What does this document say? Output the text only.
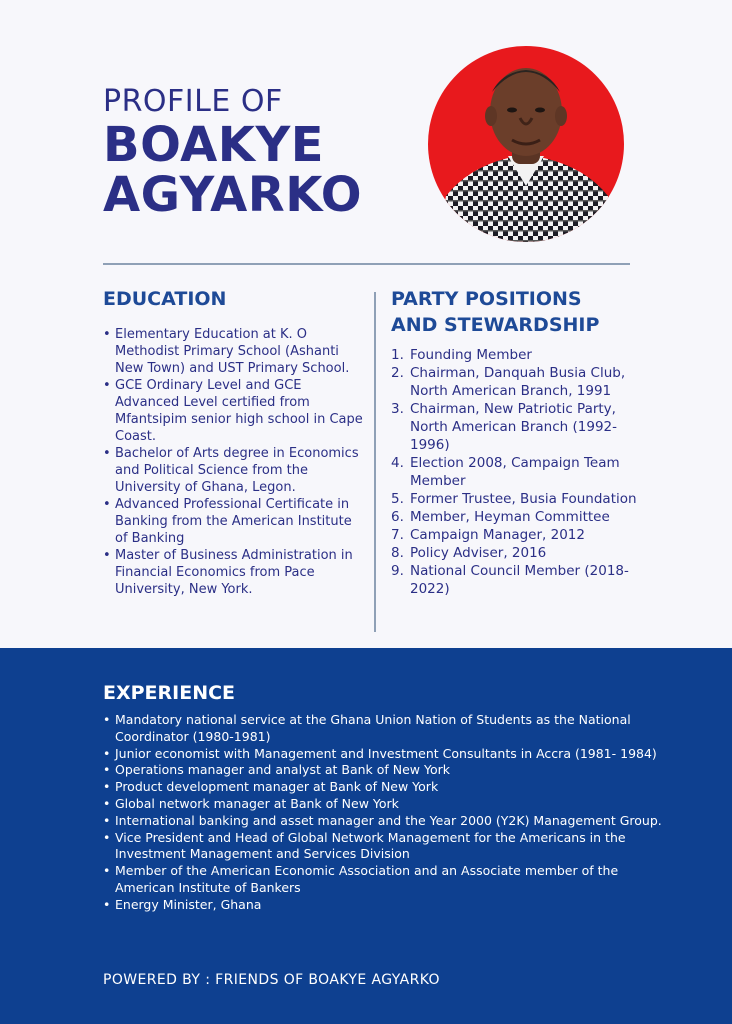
PROFILE OF
BOAKYE
AGYARKO
EDUCATION
• Elementary Education at K. O Methodist Primary School (Ashanti New Town) and UST Primary School.
• GCE Ordinary Level and GCE Advanced Level certified from Mfantsipim senior high school in Cape Coast.
• Bachelor of Arts degree in Economics and Political Science from the University of Ghana, Legon.
• Advanced Professional Certificate in Banking from the American Institute of Banking
• Master of Business Administration in Financial Economics from Pace University, New York.
PARTY POSITIONS
AND STEWARDSHIP
1. Founding Member
2. Chairman, Danquah Busia Club, North American Branch, 1991
3. Chairman, New Patriotic Party, North American Branch (1992-1996)
4. Election 2008, Campaign Team Member
5. Former Trustee, Busia Foundation
6. Member, Heyman Committee
7. Campaign Manager, 2012
8. Policy Adviser, 2016
9. National Council Member (2018-2022)
EXPERIENCE
• Mandatory national service at the Ghana Union Nation of Students as the National Coordinator (1980-1981)
• Junior economist with Management and Investment Consultants in Accra (1981- 1984)
• Operations manager and analyst at Bank of New York
• Product development manager at Bank of New York
• Global network manager at Bank of New York
• International banking and asset manager and the Year 2000 (Y2K) Management Group.
• Vice President and Head of Global Network Management for the Americans in the Investment Management and Services Division
• Member of the American Economic Association and an Associate member of the American Institute of Bankers
• Energy Minister, Ghana
POWERED BY : FRIENDS OF BOAKYE AGYARKO
